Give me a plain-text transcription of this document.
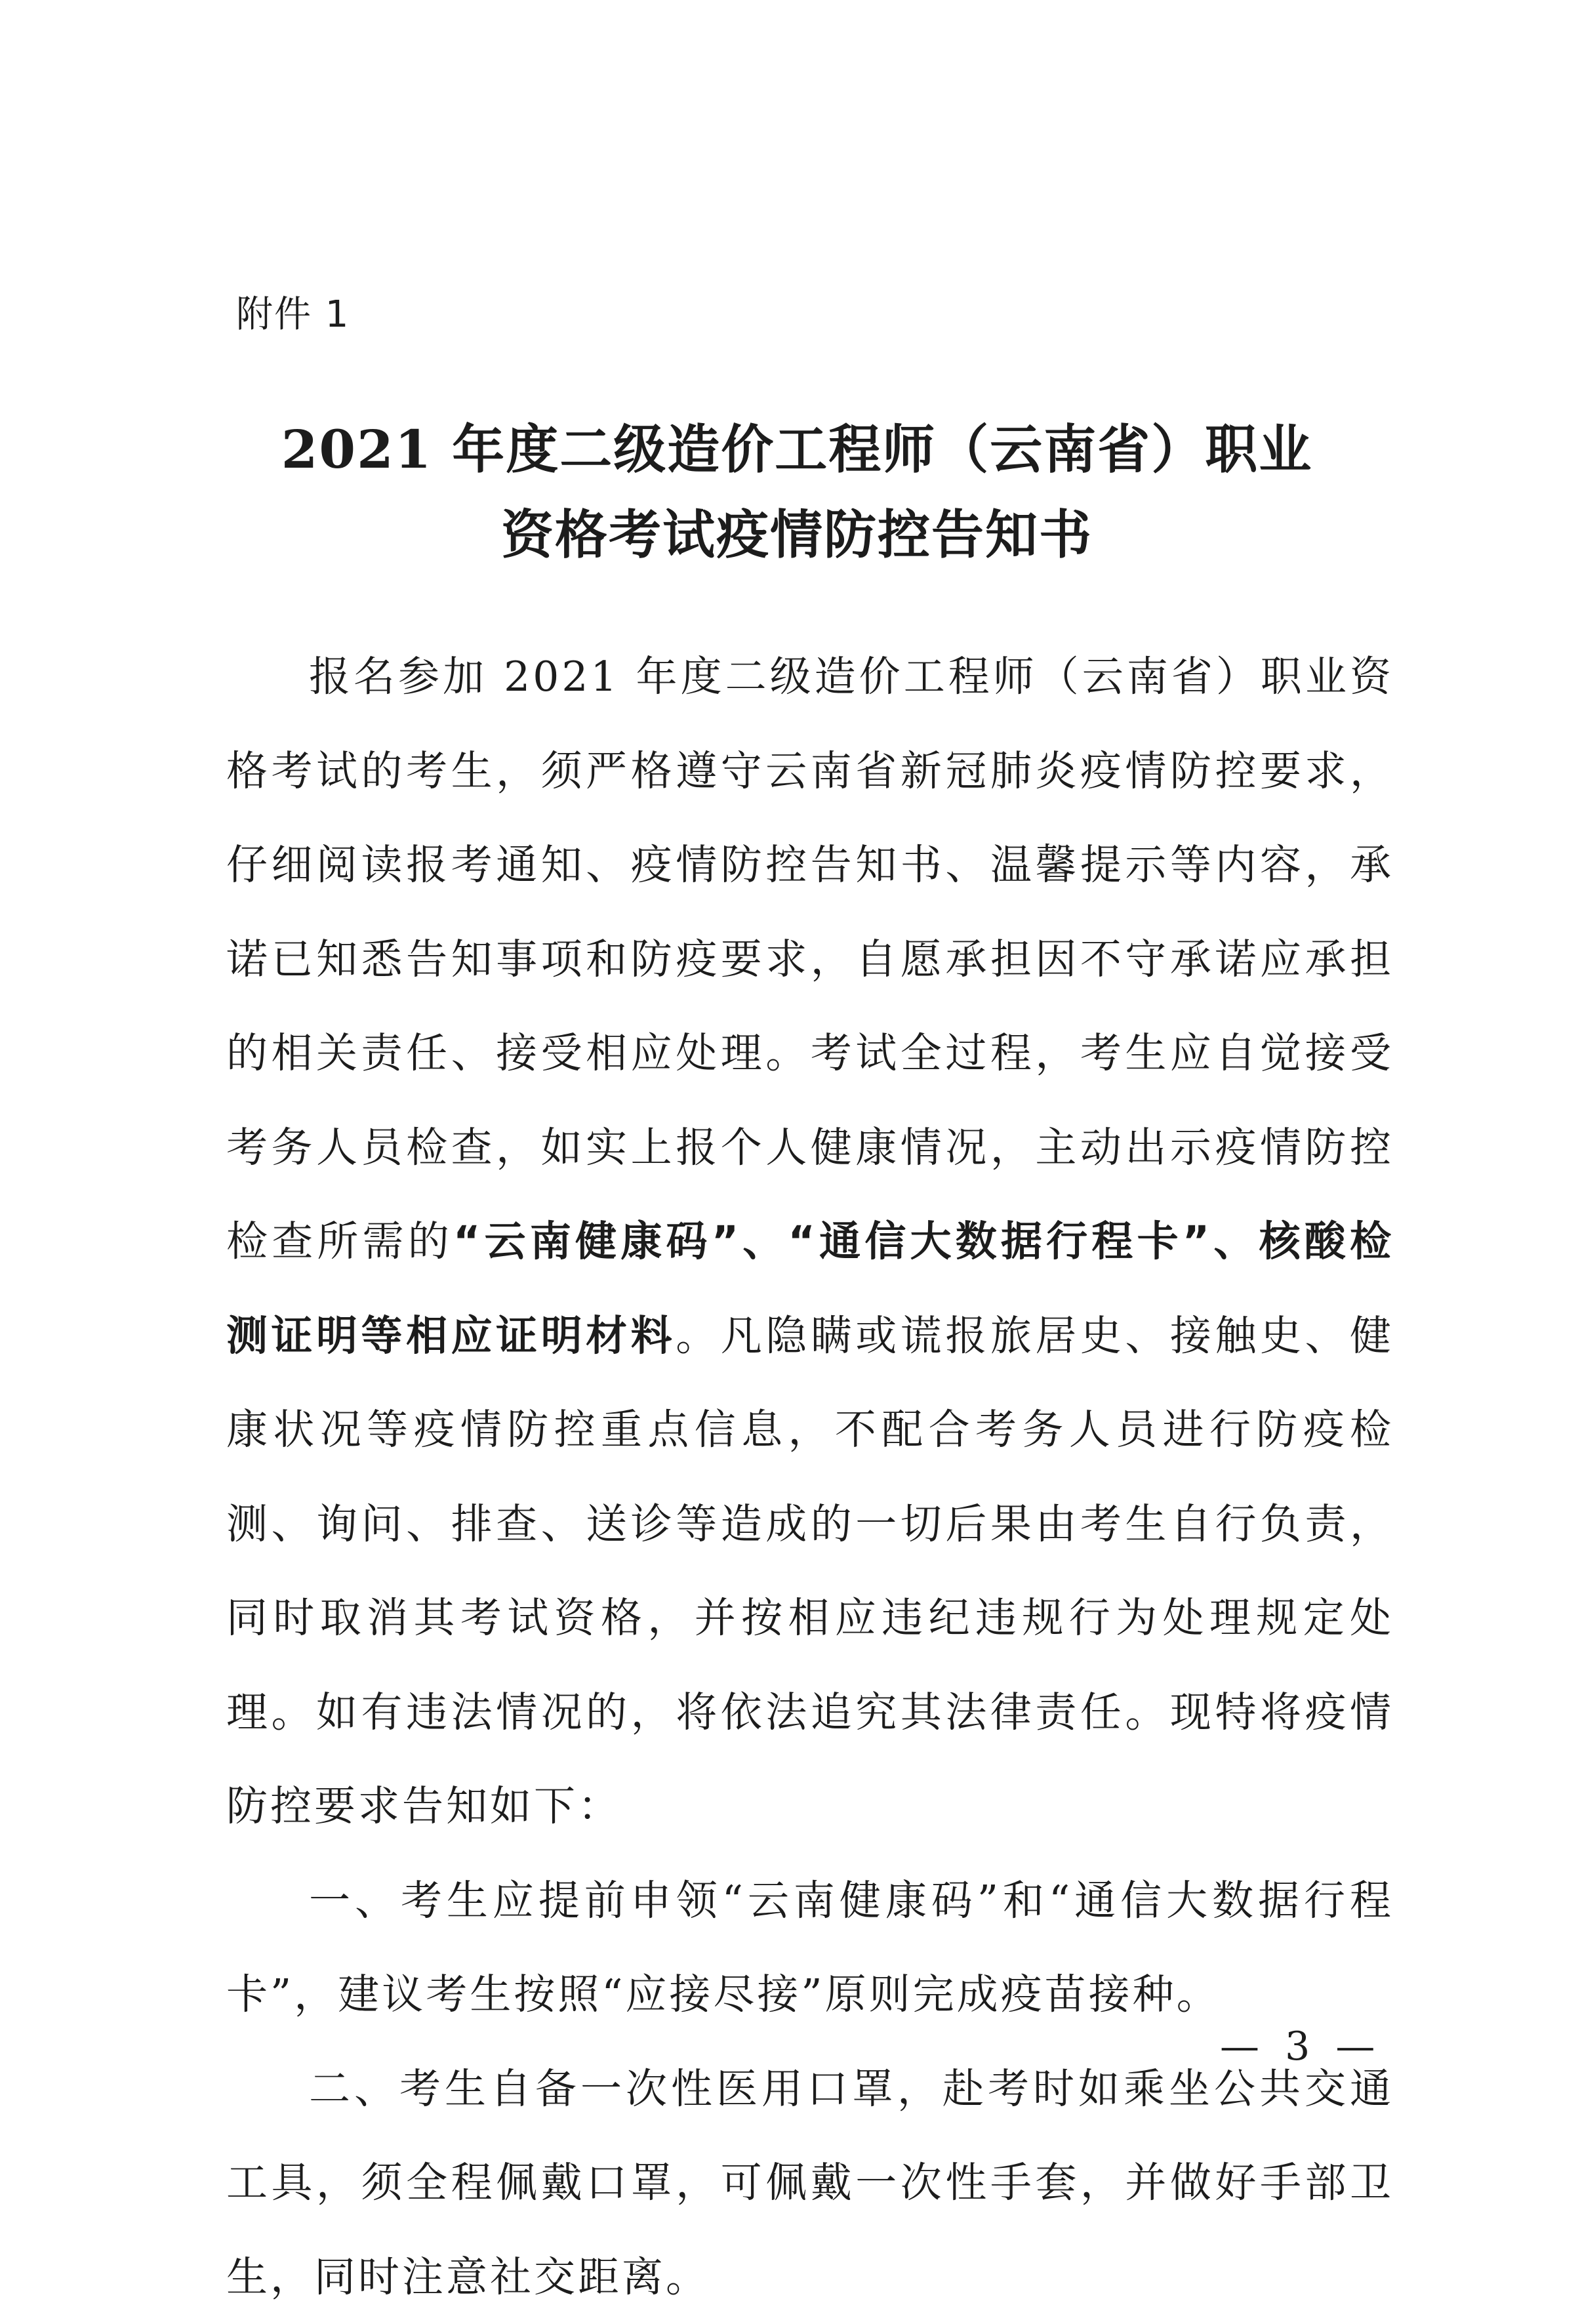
附件 1
2021 年度二级造价工程师（云南省）职业
资格考试疫情防控告知书

报名参加 2021 年度二级造价工程师（云南省）职业资格考试的考生，须严格遵守云南省新冠肺炎疫情防控要求，仔细阅读报考通知、疫情防控告知书、温馨提示等内容，承诺已知悉告知事项和防疫要求，自愿承担因不守承诺应承担的相关责任、接受相应处理。考试全过程，考生应自觉接受考务人员检查，如实上报个人健康情况，主动出示疫情防控检查所需的“云南健康码”、“通信大数据行程卡”、核酸检测证明等相应证明材料。凡隐瞒或谎报旅居史、接触史、健康状况等疫情防控重点信息，不配合考务人员进行防疫检测、询问、排查、送诊等造成的一切后果由考生自行负责，同时取消其考试资格，并按相应违纪违规行为处理规定处理。如有违法情况的，将依法追究其法律责任。现特将疫情防控要求告知如下：

一、考生应提前申领“云南健康码”和“通信大数据行程卡”，建议考生按照“应接尽接”原则完成疫苗接种。

二、考生自备一次性医用口罩，赴考时如乘坐公共交通工具，须全程佩戴口罩，可佩戴一次性手套，并做好手部卫生，同时注意社交距离。

— 3 —
